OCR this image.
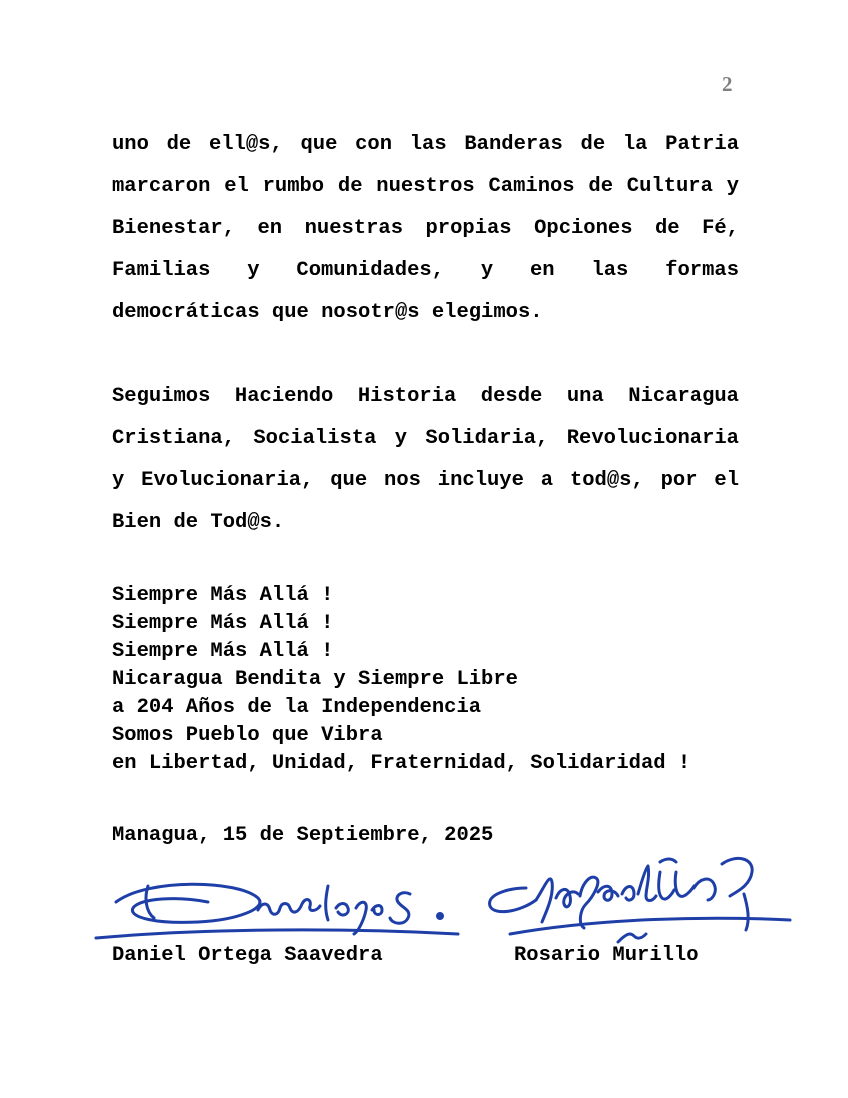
2

uno de ell@s, que con las Banderas de la Patria marcaron el rumbo de nuestros Caminos de Cultura y Bienestar, en nuestras propias Opciones de Fé, Familias y Comunidades, y en las formas democráticas que nosotr@s elegimos.

Seguimos Haciendo Historia desde una Nicaragua Cristiana, Socialista y Solidaria, Revolucionaria y Evolucionaria, que nos incluye a tod@s, por el Bien de Tod@s.

Siempre Más Allá !
Siempre Más Allá !
Siempre Más Allá !
Nicaragua Bendita y Siempre Libre
a 204 Años de la Independencia
Somos Pueblo que Vibra
en Libertad, Unidad, Fraternidad, Solidaridad !
Managua, 15 de Septiembre, 2025
Daniel Ortega Saavedra	Rosario Murillo
